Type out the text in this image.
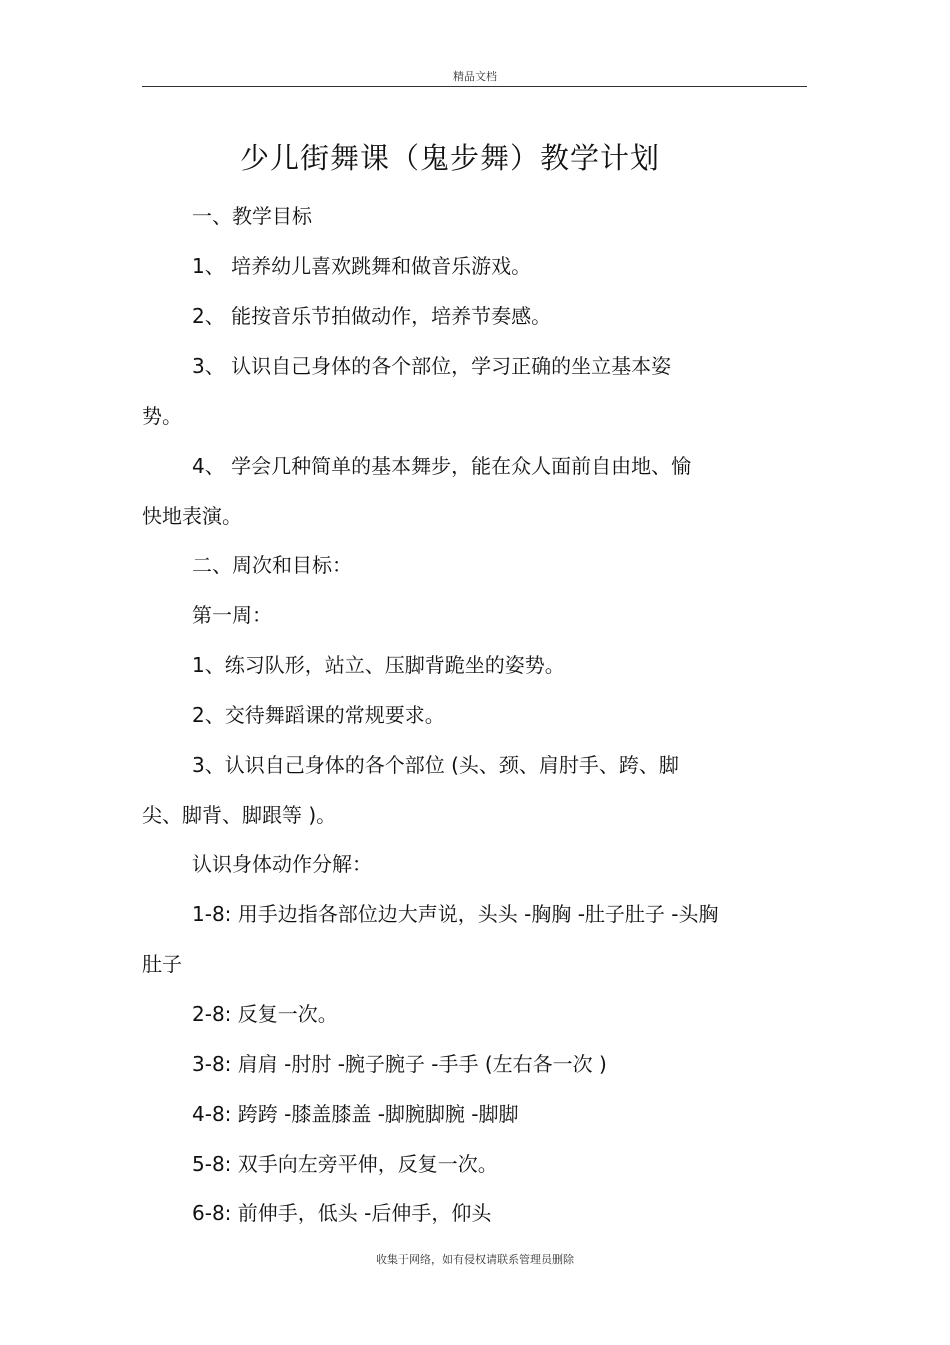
精品文档
少儿街舞课（鬼步舞）教学计划
一、教学目标
1、 培养幼儿喜欢跳舞和做音乐游戏。
2、 能按音乐节拍做动作，培养节奏感。
3、 认识自己身体的各个部位，学习正确的坐立基本姿
势。
4、 学会几种简单的基本舞步，能在众人面前自由地、愉
快地表演。
二、周次和目标：
第一周：
1、练习队形，站立、压脚背跪坐的姿势。
2、交待舞蹈课的常规要求。
3、认识自己身体的各个部位 (头、颈、肩肘手、跨、脚
尖、脚背、脚跟等 )。
认识身体动作分解：
1-8: 用手边指各部位边大声说，头头 -胸胸 -肚子肚子 -头胸
肚子
2-8: 反复一次。
3-8: 肩肩 -肘肘 -腕子腕子 -手手 (左右各一次 )
4-8: 跨跨 -膝盖膝盖 -脚腕脚腕 -脚脚
5-8: 双手向左旁平伸，反复一次。
6-8: 前伸手，低头 -后伸手，仰头
收集于网络，如有侵权请联系管理员删除
